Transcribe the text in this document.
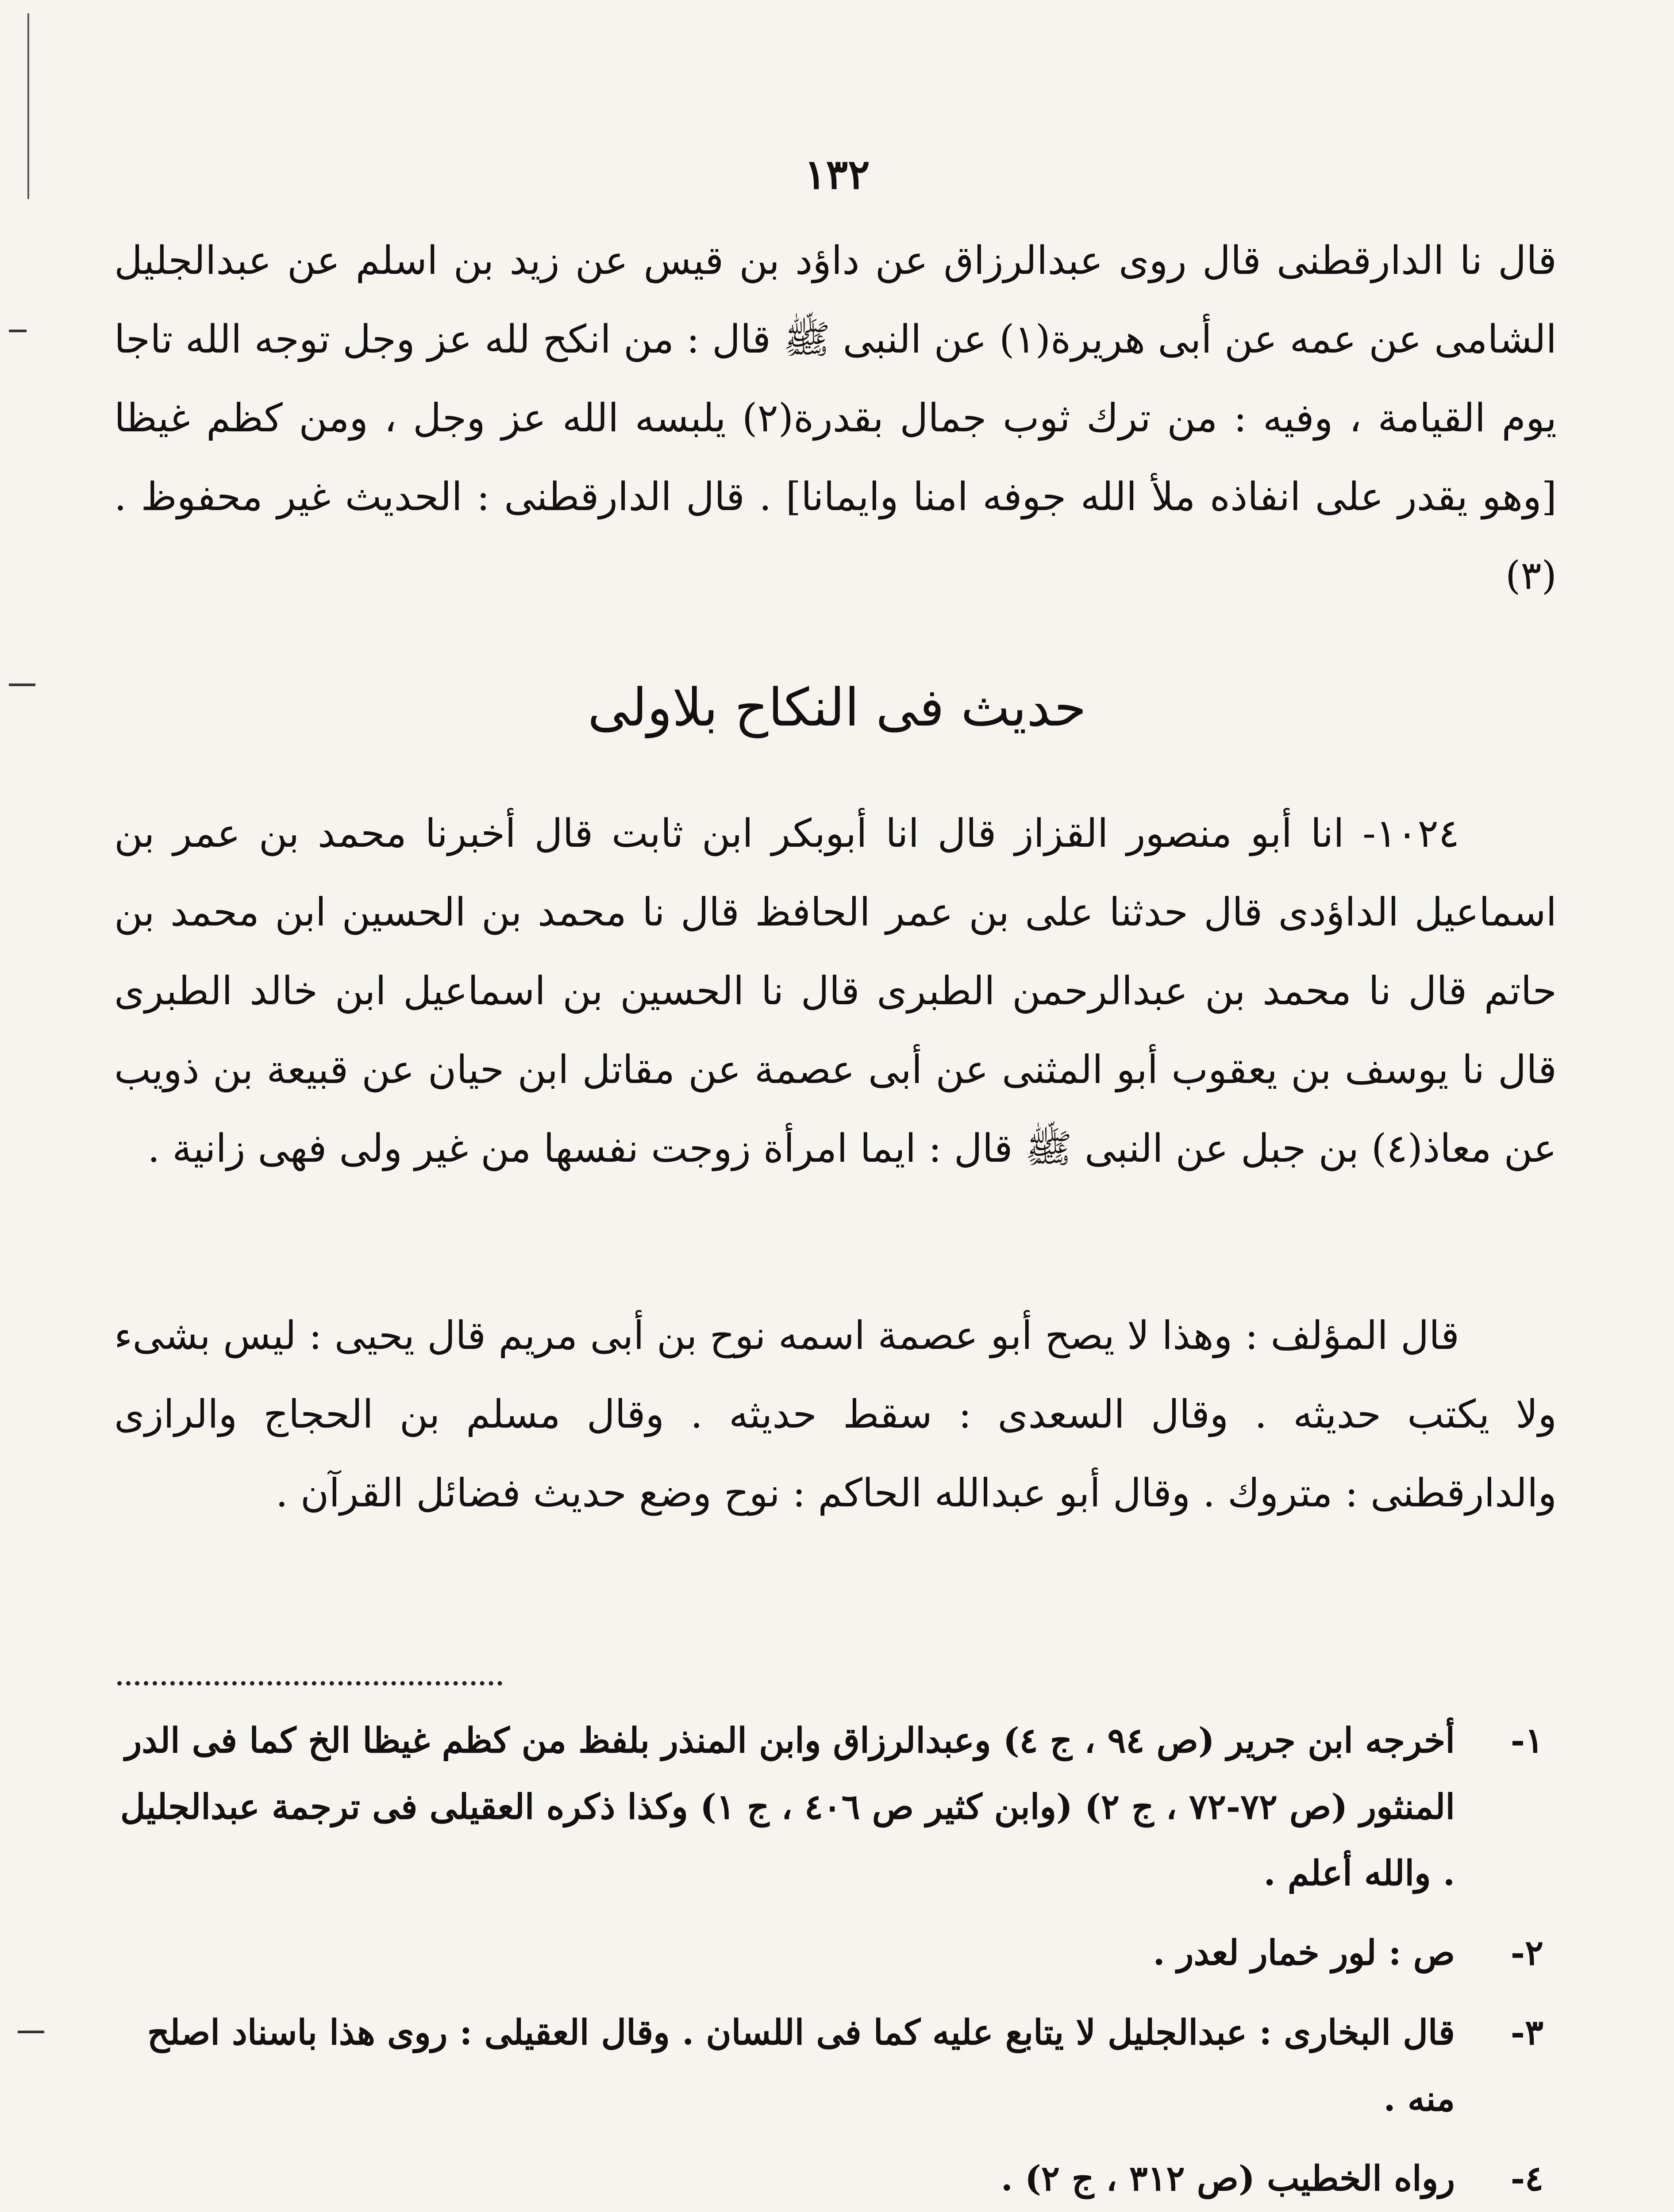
١٣٢

قال نا الدارقطنى قال روى عبدالرزاق عن داؤد بن قيس عن زيد بن اسلم عن عبدالجليل الشامى عن عمه عن أبى هريرة(١) عن النبى ﷺ قال : من انكح لله عز وجل توجه الله تاجا يوم القيامة ، وفيه : من ترك ثوب جمال بقدرة(٢) يلبسه الله عز وجل ، ومن كظم غيظا [وهو يقدر على انفاذه ملأ الله جوفه امنا وايمانا] . قال الدارقطنى : الحديث غير محفوظ .(٣)

حديث فى النكاح بلاولى

١٠٢٤- انا أبو منصور القزاز قال انا أبوبكر ابن ثابت قال أخبرنا محمد بن عمر بن اسماعيل الداؤدى قال حدثنا على بن عمر الحافظ قال نا محمد بن الحسين ابن محمد بن حاتم قال نا محمد بن عبدالرحمن الطبرى قال نا الحسين بن اسماعيل ابن خالد الطبرى قال نا يوسف بن يعقوب أبو المثنى عن أبى عصمة عن مقاتل ابن حيان عن قبيعة بن ذويب عن معاذ(٤) بن جبل عن النبى ﷺ قال : ايما امرأة زوجت نفسها من غير ولى فهى زانية .

قال المؤلف : وهذا لا يصح أبو عصمة اسمه نوح بن أبى مريم قال يحيى : ليس بشىء ولا يكتب حديثه . وقال السعدى : سقط حديثه . وقال مسلم بن الحجاج والرازى والدارقطنى : متروك . وقال أبو عبدالله الحاكم : نوح وضع حديث فضائل القرآن .

١-
أخرجه ابن جرير (ص ٩٤ ، ج ٤) وعبدالرزاق وابن المنذر بلفظ من كظم غيظا الخ كما فى الدر المنثور (ص ٧٢-٧٢ ، ج ٢) (وابن كثير ص ٤٠٦ ، ج ١) وكذا ذكره العقيلى فى ترجمة عبدالجليل . والله أعلم .
٢-
ص : لور خمار لعدر .
٣-
قال البخارى : عبدالجليل لا يتابع عليه كما فى اللسان . وقال العقيلى : روى هذا باسناد اصلح منه .
٤-
رواه الخطيب (ص ٣١٢ ، ج ٢) .
